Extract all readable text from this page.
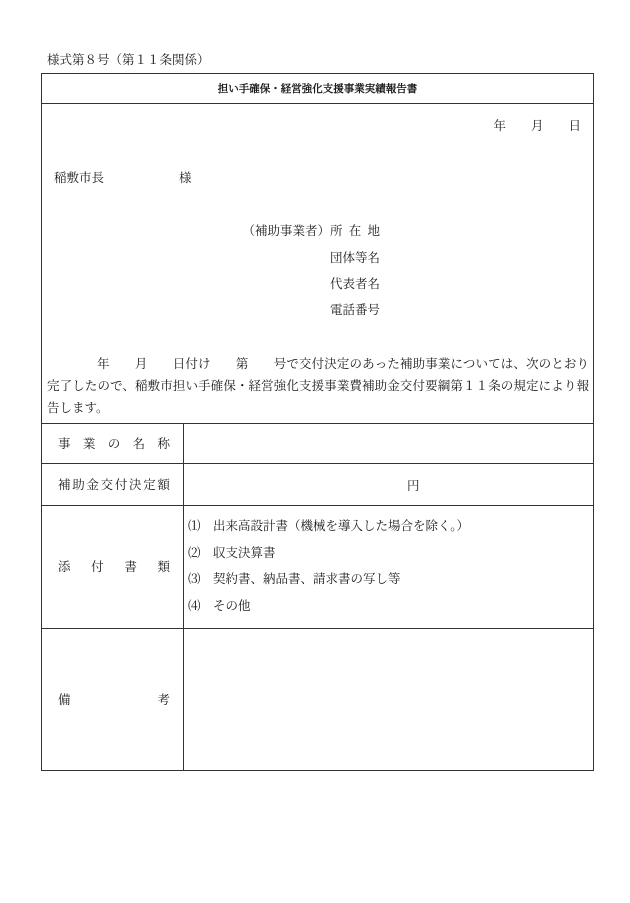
様式第８号（第１１条関係）
担い手確保・経営強化支援事業実績報告書
年　　月　　日
稲敷市長　　　　　　様
（補助事業者） 所 在 地
団 体 等 名
代 表 者 名
電 話 番 号

年　　月　　日付け　　第　　号で交付決定のあった補助事業については、次のとおり完了したので、稲敷市担い手確保・経営強化支援事業費補助金交付要綱第１１条の規定により報告します。

事 業 の 名 称
補 助 金 交 付 決 定 額	円
添 付 書 類
⑴　出来高設計書（機械を導入した場合を除く。）
⑵　収支決算書
⑶　契約書、納品書、請求書の写し等
⑷　その他
備	考
